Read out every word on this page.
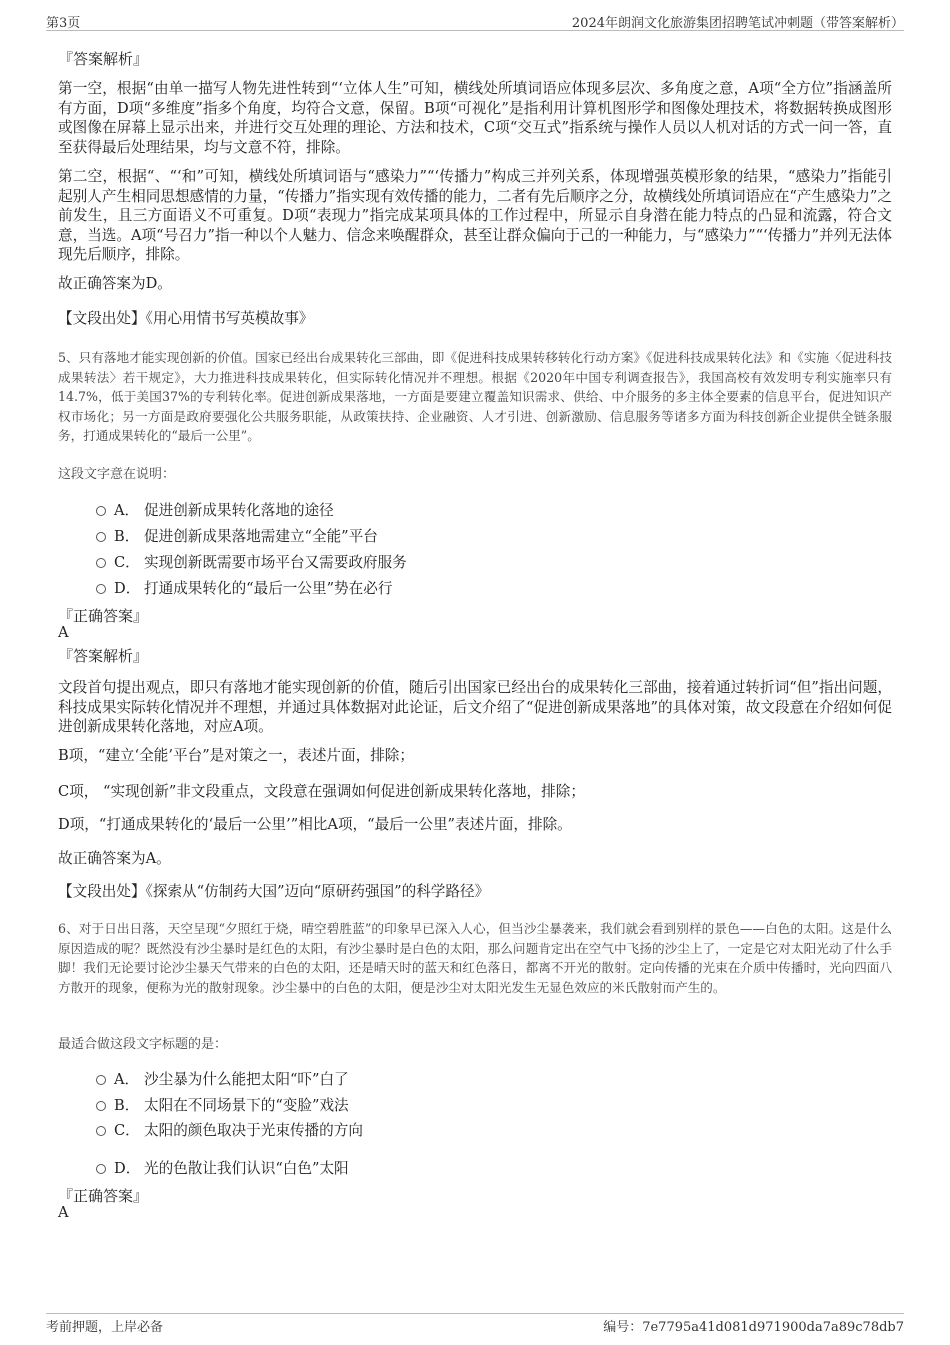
第3页	2024年朗润文化旅游集团招聘笔试冲刺题（带答案解析）
『答案解析』

第一空，根据“由单一描写人物先进性转到“‘立体人生”可知，横线处所填词语应体现多层次、多角度之意，A项“全方位”指涵盖所有方面，D项“多维度”指多个角度，均符合文意，保留。B项“可视化”是指利用计算机图形学和图像处理技术，将数据转换成图形或图像在屏幕上显示出来，并进行交互处理的理论、方法和技术，C项“交互式”指系统与操作人员以人机对话的方式一问一答，直至获得最后处理结果，均与文意不符，排除。

第二空，根据“、“‘和”可知，横线处所填词语与“感染力”“‘传播力”构成三并列关系，体现增强英模形象的结果，“感染力”指能引起别人产生相同思想感情的力量，“传播力”指实现有效传播的能力，二者有先后顺序之分，故横线处所填词语应在“产生感染力”之前发生，且三方面语义不可重复。D项“表现力”指完成某项具体的工作过程中，所显示自身潜在能力特点的凸显和流露，符合文意，当选。A项“号召力”指一种以个人魅力、信念来唤醒群众，甚至让群众偏向于己的一种能力，与“感染力”“‘传播力”并列无法体现先后顺序，排除。

故正确答案为D。

【文段出处】《用心用情书写英模故事》

5、只有落地才能实现创新的价值。国家已经出台成果转化三部曲，即《促进科技成果转移转化行动方案》《促进科技成果转化法》和《实施〈促进科技成果转法〉若干规定》，大力推进科技成果转化，但实际转化情况并不理想。根据《2020年中国专利调查报告》，我国高校有效发明专利实施率只有14.7%，低于美国37%的专利转化率。促进创新成果落地，一方面是要建立覆盖知识需求、供给、中介服务的多主体全要素的信息平台，促进知识产权市场化；另一方面是政府要强化公共服务职能，从政策扶持、企业融资、人才引进、创新激励、信息服务等诸多方面为科技创新企业提供全链条服务，打通成果转化的“最后一公里”。

这段文字意在说明：

A． 促进创新成果转化落地的途径
B． 促进创新成果落地需建立“全能”平台
C． 实现创新既需要市场平台又需要政府服务
D． 打通成果转化的“最后一公里”势在必行
『正确答案』
A
『答案解析』

文段首句提出观点，即只有落地才能实现创新的价值，随后引出国家已经出台的成果转化三部曲，接着通过转折词“但”指出问题，科技成果实际转化情况并不理想，并通过具体数据对此论证，后文介绍了“促进创新成果落地”的具体对策，故文段意在介绍如何促进创新成果转化落地，对应A项。

B项，“建立‘全能’平台”是对策之一，表述片面，排除；

C项， “实现创新”非文段重点，文段意在强调如何促进创新成果转化落地，排除；

D项，“打通成果转化的‘最后一公里’”相比A项，“最后一公里”表述片面，排除。

故正确答案为A。

【文段出处】《探索从“仿制药大国”迈向“原研药强国”的科学路径》

6、对于日出日落，天空呈现“夕照红于烧，晴空碧胜蓝”的印象早已深入人心，但当沙尘暴袭来，我们就会看到别样的景色——白色的太阳。这是什么原因造成的呢？既然没有沙尘暴时是红色的太阳，有沙尘暴时是白色的太阳，那么问题肯定出在空气中飞扬的沙尘上了，一定是它对太阳光动了什么手脚！我们无论要讨论沙尘暴天气带来的白色的太阳，还是晴天时的蓝天和红色落日，都离不开光的散射。定向传播的光束在介质中传播时，光向四面八方散开的现象，便称为光的散射现象。沙尘暴中的白色的太阳，便是沙尘对太阳光发生无显色效应的米氏散射而产生的。

最适合做这段文字标题的是：

A． 沙尘暴为什么能把太阳“吓”白了
B． 太阳在不同场景下的“变脸”戏法
C． 太阳的颜色取决于光束传播的方向
D． 光的色散让我们认识“白色”太阳
『正确答案』
A
考前押题，上岸必备	编号：7e7795a41d081d971900da7a89c78db7
